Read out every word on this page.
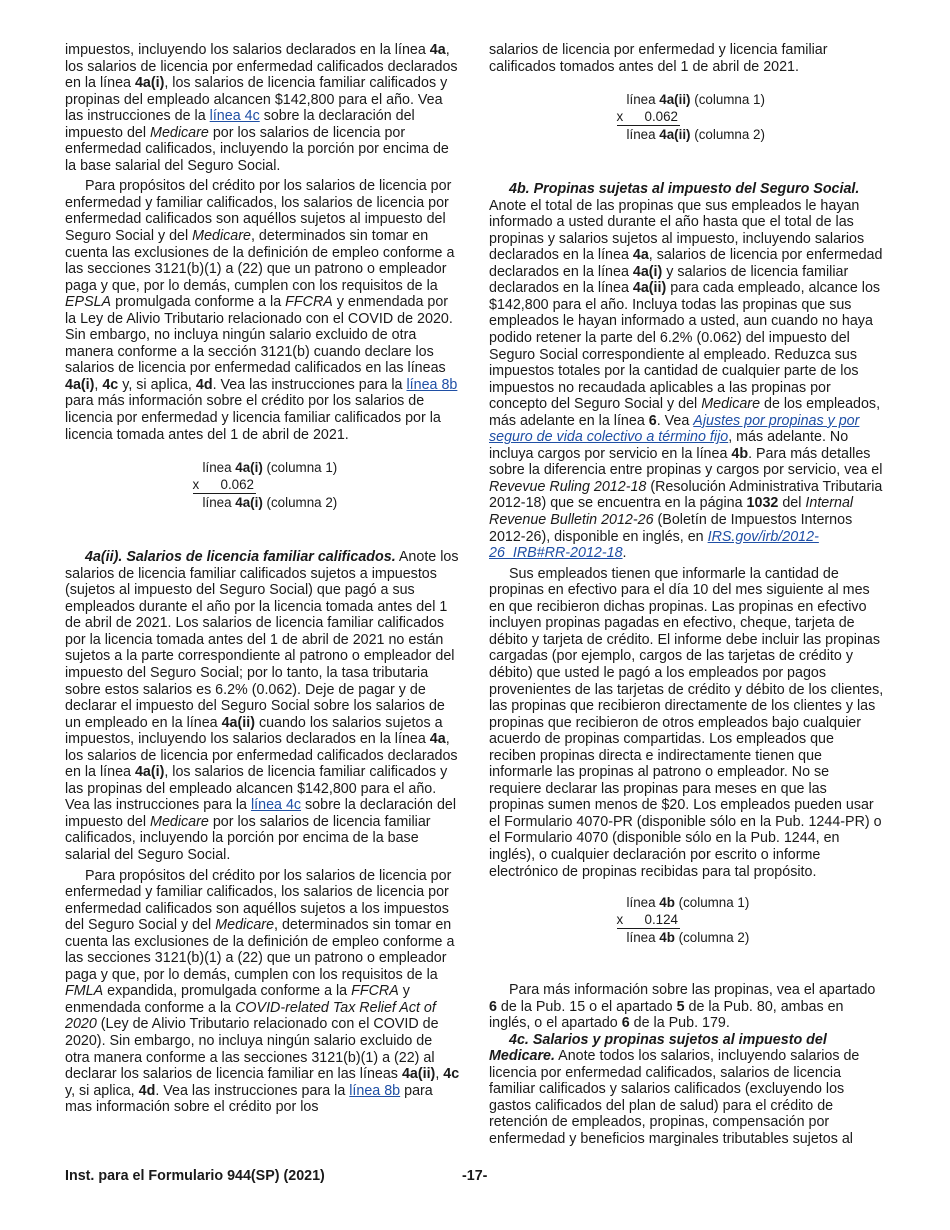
impuestos, incluyendo los salarios declarados en la línea 4a, los salarios de licencia por enfermedad calificados declarados en la línea 4a(i), los salarios de licencia familiar calificados y propinas del empleado alcancen $142,800 para el año. Vea las instrucciones de la línea 4c sobre la declaración del impuesto del Medicare por los salarios de licencia por enfermedad calificados, incluyendo la porción por encima de la base salarial del Seguro Social.

Para propósitos del crédito por los salarios de licencia por enfermedad y familiar calificados, los salarios de licencia por enfermedad calificados son aquéllos sujetos al impuesto del Seguro Social y del Medicare, determinados sin tomar en cuenta las exclusiones de la definición de empleo conforme a las secciones 3121(b)(1) a (22) que un patrono o empleador paga y que, por lo demás, cumplen con los requisitos de la EPSLA promulgada conforme a la FFCRA y enmendada por la Ley de Alivio Tributario relacionado con el COVID de 2020. Sin embargo, no incluya ningún salario excluido de otra manera conforme a la sección 3121(b) cuando declare los salarios de licencia por enfermedad calificados en las líneas 4a(i), 4c y, si aplica, 4d. Vea las instrucciones para la línea 8b para más información sobre el crédito por los salarios de licencia por enfermedad y licencia familiar calificados por la licencia tomada antes del 1 de abril de 2021.

línea 4a(i) (columna 1)
x 0.062
línea 4a(i) (columna 2)

4a(ii). Salarios de licencia familiar calificados. Anote los salarios de licencia familiar calificados sujetos a impuestos (sujetos al impuesto del Seguro Social) que pagó a sus empleados durante el año por la licencia tomada antes del 1 de abril de 2021. Los salarios de licencia familiar calificados por la licencia tomada antes del 1 de abril de 2021 no están sujetos a la parte correspondiente al patrono o empleador del impuesto del Seguro Social; por lo tanto, la tasa tributaria sobre estos salarios es 6.2% (0.062). Deje de pagar y de declarar el impuesto del Seguro Social sobre los salarios de un empleado en la línea 4a(ii) cuando los salarios sujetos a impuestos, incluyendo los salarios declarados en la línea 4a, los salarios de licencia por enfermedad calificados declarados en la línea 4a(i), los salarios de licencia familiar calificados y las propinas del empleado alcancen $142,800 para el año. Vea las instrucciones para la línea 4c sobre la declaración del impuesto del Medicare por los salarios de licencia familiar calificados, incluyendo la porción por encima de la base salarial del Seguro Social.

Para propósitos del crédito por los salarios de licencia por enfermedad y familiar calificados, los salarios de licencia por enfermedad calificados son aquéllos sujetos a los impuestos del Seguro Social y del Medicare, determinados sin tomar en cuenta las exclusiones de la definición de empleo conforme a las secciones 3121(b)(1) a (22) que un patrono o empleador paga y que, por lo demás, cumplen con los requisitos de la FMLA expandida, promulgada conforme a la FFCRA y enmendada conforme a la COVID-related Tax Relief Act of 2020 (Ley de Alivio Tributario relacionado con el COVID de 2020). Sin embargo, no incluya ningún salario excluido de otra manera conforme a las secciones 3121(b)(1) a (22) al declarar los salarios de licencia familiar en las líneas 4a(ii), 4c y, si aplica, 4d. Vea las instrucciones para la línea 8b para mas información sobre el crédito por los

salarios de licencia por enfermedad y licencia familiar calificados tomados antes del 1 de abril de 2021.

línea 4a(ii) (columna 1)
x 0.062
línea 4a(ii) (columna 2)

4b. Propinas sujetas al impuesto del Seguro Social. Anote el total de las propinas que sus empleados le hayan informado a usted durante el año hasta que el total de las propinas y salarios sujetos al impuesto, incluyendo salarios declarados en la línea 4a, salarios de licencia por enfermedad declarados en la línea 4a(i) y salarios de licencia familiar declarados en la línea 4a(ii) para cada empleado, alcance los $142,800 para el año. Incluya todas las propinas que sus empleados le hayan informado a usted, aun cuando no haya podido retener la parte del 6.2% (0.062) del impuesto del Seguro Social correspondiente al empleado. Reduzca sus impuestos totales por la cantidad de cualquier parte de los impuestos no recaudada aplicables a las propinas por concepto del Seguro Social y del Medicare de los empleados, más adelante en la línea 6. Vea Ajustes por propinas y por seguro de vida colectivo a término fijo, más adelante. No incluya cargos por servicio en la línea 4b. Para más detalles sobre la diferencia entre propinas y cargos por servicio, vea el Revevue Ruling 2012-18 (Resolución Administrativa Tributaria 2012-18) que se encuentra en la página 1032 del Internal Revenue Bulletin 2012-26 (Boletín de Impuestos Internos 2012-26), disponible en inglés, en IRS.gov/irb/2012-26_IRB#RR-2012-18.

Sus empleados tienen que informarle la cantidad de propinas en efectivo para el día 10 del mes siguiente al mes en que recibieron dichas propinas. Las propinas en efectivo incluyen propinas pagadas en efectivo, cheque, tarjeta de débito y tarjeta de crédito. El informe debe incluir las propinas cargadas (por ejemplo, cargos de las tarjetas de crédito y débito) que usted le pagó a los empleados por pagos provenientes de las tarjetas de crédito y débito de los clientes, las propinas que recibieron directamente de los clientes y las propinas que recibieron de otros empleados bajo cualquier acuerdo de propinas compartidas. Los empleados que reciben propinas directa e indirectamente tienen que informarle las propinas al patrono o empleador. No se requiere declarar las propinas para meses en que las propinas sumen menos de $20. Los empleados pueden usar el Formulario 4070-PR (disponible sólo en la Pub. 1244-PR) o el Formulario 4070 (disponible sólo en la Pub. 1244, en inglés), o cualquier declaración por escrito o informe electrónico de propinas recibidas para tal propósito.

línea 4b (columna 1)
x 0.124
línea 4b (columna 2)

Para más información sobre las propinas, vea el apartado 6 de la Pub. 15 o el apartado 5 de la Pub. 80, ambas en inglés, o el apartado 6 de la Pub. 179.

4c. Salarios y propinas sujetos al impuesto del Medicare. Anote todos los salarios, incluyendo salarios de licencia por enfermedad calificados, salarios de licencia familiar calificados y salarios calificados (excluyendo los gastos calificados del plan de salud) para el crédito de retención de empleados, propinas, compensación por enfermedad y beneficios marginales tributables sujetos al

Inst. para el Formulario 944(SP) (2021)	-17-
